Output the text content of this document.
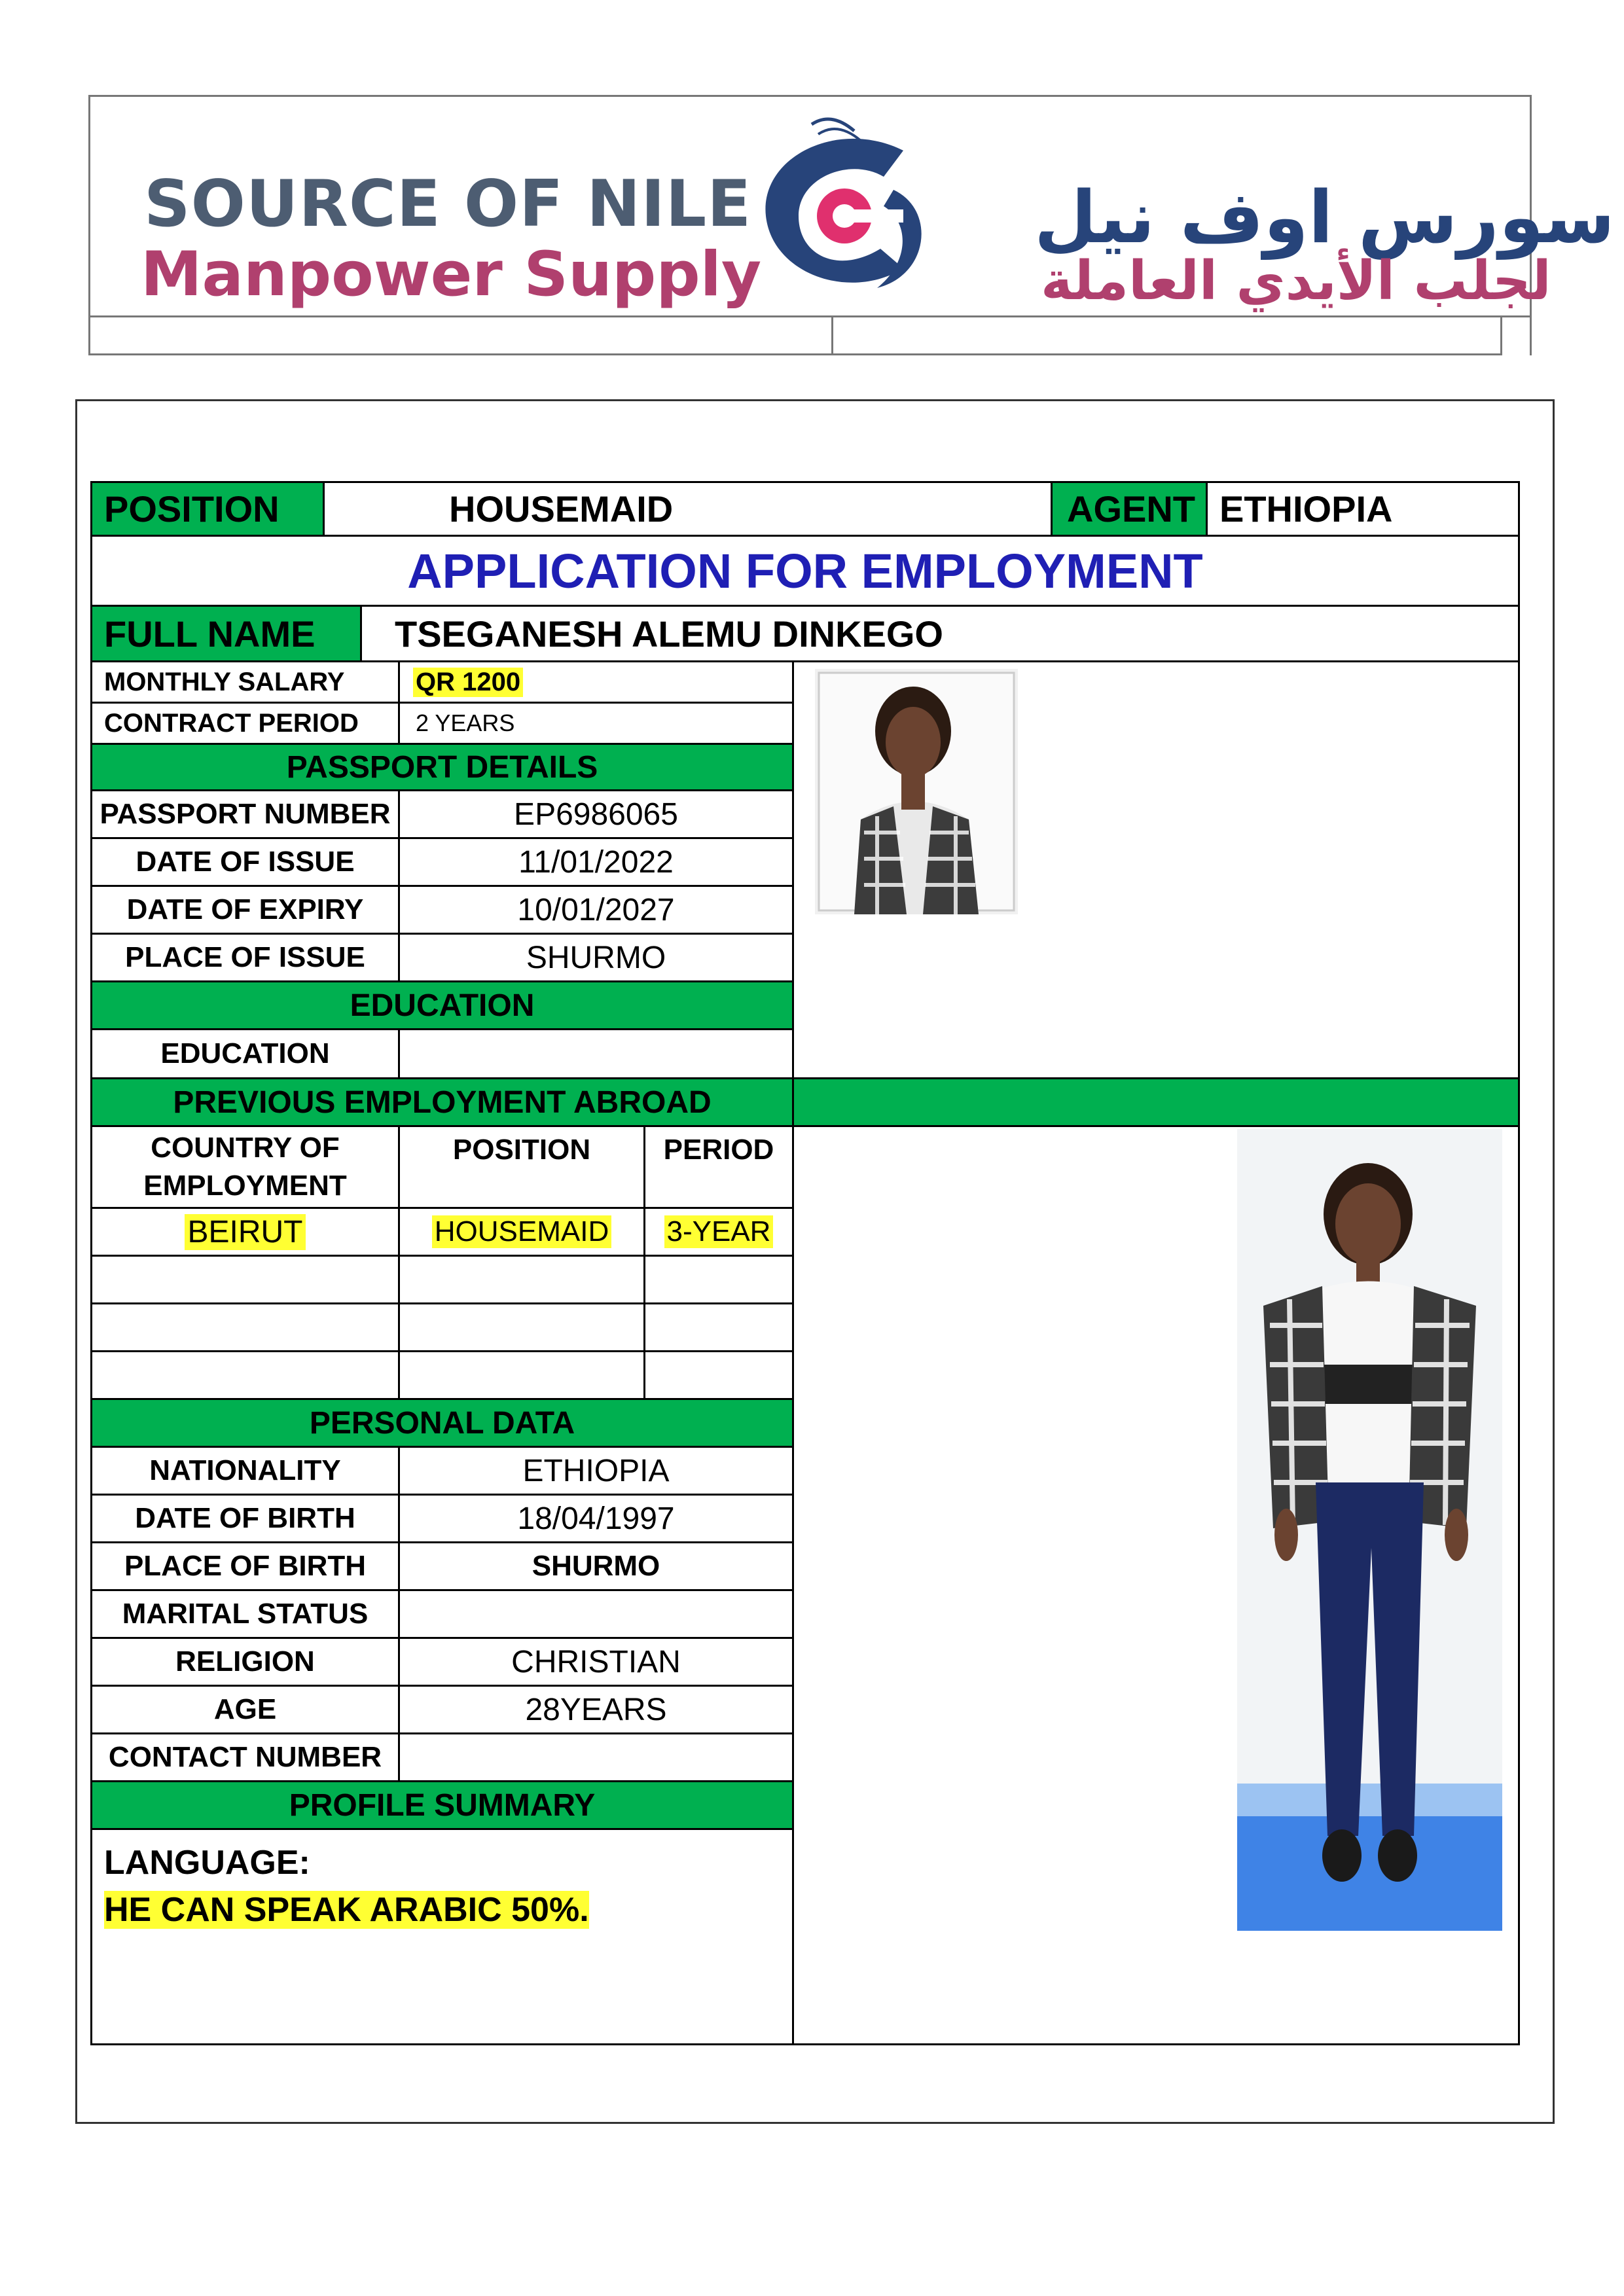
SOURCE OF NILE
Manpower Supply
سورس اوف نيل
لجلب الأيدي العاملة
POSITION	HOUSEMAID	AGENT ETHIOPIA
APPLICATION FOR EMPLOYMENT
FULL NAME	TSEGANESH ALEMU DINKEGO
MONTHLY SALARY	QR 1200
CONTRACT PERIOD	2 YEARS
PASSPORT DETAILS
PASSPORT NUMBER	EP6986065
DATE OF ISSUE	11/01/2022
DATE OF EXPIRY	10/01/2027
PLACE OF ISSUE	SHURMO
EDUCATION
EDUCATION
PREVIOUS EMPLOYMENT ABROAD
COUNTRY OF
EMPLOYMENT
POSITION	PERIOD
BEIRUT	HOUSEMAID 3-YEAR
PERSONAL DATA
NATIONALITY	ETHIOPIA
DATE OF BIRTH	18/04/1997
PLACE OF BIRTH	SHURMO
MARITAL STATUS
RELIGION	CHRISTIAN
AGE	28YEARS
CONTACT NUMBER
PROFILE SUMMARY
LANGUAGE:
HE CAN SPEAK ARABIC 50%.
